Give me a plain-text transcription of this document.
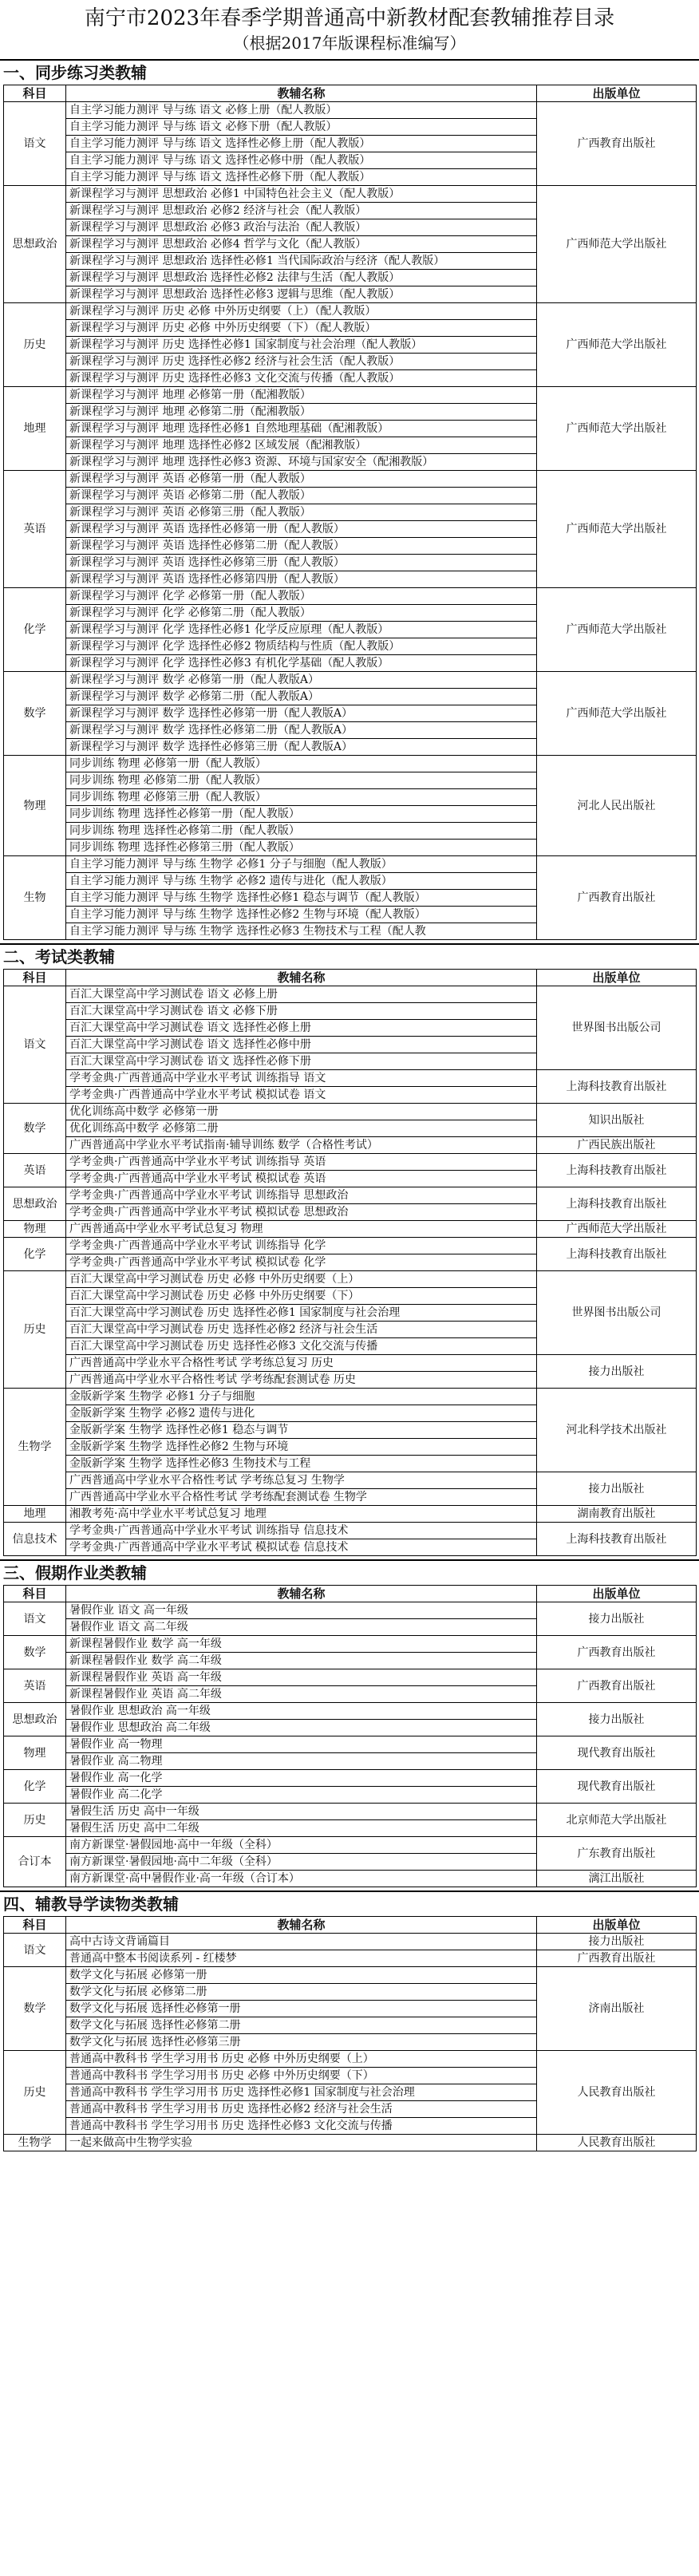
南宁市2023年春季学期普通高中新教材配套教辅推荐目录
（根据2017年版课程标准编写）
一、同步练习类教辅
科目	教辅名称	出版单位
语文	自主学习能力测评 导与练 语文 必修上册（配人教版）	广西教育出版社
	自主学习能力测评 导与练 语文 必修下册（配人教版）	
	自主学习能力测评 导与练 语文 选择性必修上册（配人教版）	
	自主学习能力测评 导与练 语文 选择性必修中册（配人教版）	
	自主学习能力测评 导与练 语文 选择性必修下册（配人教版）	
思想政治	新课程学习与测评 思想政治 必修1 中国特色社会主义（配人教版）	广西师范大学出版社
	新课程学习与测评 思想政治 必修2 经济与社会（配人教版）	
	新课程学习与测评 思想政治 必修3 政治与法治（配人教版）	
	新课程学习与测评 思想政治 必修4 哲学与文化（配人教版）	
	新课程学习与测评 思想政治 选择性必修1 当代国际政治与经济（配人教版）	
	新课程学习与测评 思想政治 选择性必修2 法律与生活（配人教版）	
	新课程学习与测评 思想政治 选择性必修3 逻辑与思维（配人教版）	
历史	新课程学习与测评 历史 必修 中外历史纲要（上）（配人教版）	广西师范大学出版社
	新课程学习与测评 历史 必修 中外历史纲要（下）（配人教版）	
	新课程学习与测评 历史 选择性必修1 国家制度与社会治理（配人教版）	
	新课程学习与测评 历史 选择性必修2 经济与社会生活（配人教版）	
	新课程学习与测评 历史 选择性必修3 文化交流与传播（配人教版）	
地理	新课程学习与测评 地理 必修第一册（配湘教版）	广西师范大学出版社
	新课程学习与测评 地理 必修第二册（配湘教版）	
	新课程学习与测评 地理 选择性必修1 自然地理基础（配湘教版）	
	新课程学习与测评 地理 选择性必修2 区域发展（配湘教版）	
	新课程学习与测评 地理 选择性必修3 资源、环境与国家安全（配湘教版）	
英语	新课程学习与测评 英语 必修第一册（配人教版）	广西师范大学出版社
	新课程学习与测评 英语 必修第二册（配人教版）	
	新课程学习与测评 英语 必修第三册（配人教版）	
	新课程学习与测评 英语 选择性必修第一册（配人教版）	
	新课程学习与测评 英语 选择性必修第二册（配人教版）	
	新课程学习与测评 英语 选择性必修第三册（配人教版）	
	新课程学习与测评 英语 选择性必修第四册（配人教版）	
化学	新课程学习与测评 化学 必修第一册（配人教版）	广西师范大学出版社
	新课程学习与测评 化学 必修第二册（配人教版）	
	新课程学习与测评 化学 选择性必修1 化学反应原理（配人教版）	
	新课程学习与测评 化学 选择性必修2 物质结构与性质（配人教版）	
	新课程学习与测评 化学 选择性必修3 有机化学基础（配人教版）	
数学	新课程学习与测评 数学 必修第一册（配人教版A）	广西师范大学出版社
	新课程学习与测评 数学 必修第二册（配人教版A）	
	新课程学习与测评 数学 选择性必修第一册（配人教版A）	
	新课程学习与测评 数学 选择性必修第二册（配人教版A）	
	新课程学习与测评 数学 选择性必修第三册（配人教版A）	
物理	同步训练 物理 必修第一册（配人教版）	河北人民出版社
	同步训练 物理 必修第二册（配人教版）	
	同步训练 物理 必修第三册（配人教版）	
	同步训练 物理 选择性必修第一册（配人教版）	
	同步训练 物理 选择性必修第二册（配人教版）	
	同步训练 物理 选择性必修第三册（配人教版）	
生物	自主学习能力测评 导与练 生物学 必修1 分子与细胞（配人教版）	广西教育出版社
	自主学习能力测评 导与练 生物学 必修2 遗传与进化（配人教版）	
	自主学习能力测评 导与练 生物学 选择性必修1 稳态与调节（配人教版）	
	自主学习能力测评 导与练 生物学 选择性必修2 生物与环境（配人教版）	
	自主学习能力测评 导与练 生物学 选择性必修3 生物技术与工程（配人教	
二、考试类教辅
科目	教辅名称	出版单位
语文	百汇大课堂高中学习测试卷 语文 必修上册	世界图书出版公司
	百汇大课堂高中学习测试卷 语文 必修下册	
	百汇大课堂高中学习测试卷 语文 选择性必修上册	
	百汇大课堂高中学习测试卷 语文 选择性必修中册	
	百汇大课堂高中学习测试卷 语文 选择性必修下册	
	学考金典·广西普通高中学业水平考试 训练指导 语文	上海科技教育出版社
	学考金典·广西普通高中学业水平考试 模拟试卷 语文	
数学	优化训练高中数学 必修第一册	知识出版社
	优化训练高中数学 必修第二册	
	广西普通高中学业水平考试指南·辅导训练 数学（合格性考试）	广西民族出版社
英语	学考金典·广西普通高中学业水平考试 训练指导 英语	上海科技教育出版社
	学考金典·广西普通高中学业水平考试 模拟试卷 英语	
思想政治	学考金典·广西普通高中学业水平考试 训练指导 思想政治	上海科技教育出版社
	学考金典·广西普通高中学业水平考试 模拟试卷 思想政治	
物理	广西普通高中学业水平考试总复习 物理	广西师范大学出版社
化学	学考金典·广西普通高中学业水平考试 训练指导 化学	上海科技教育出版社
	学考金典·广西普通高中学业水平考试 模拟试卷 化学	
历史	百汇大课堂高中学习测试卷 历史 必修 中外历史纲要（上）	世界图书出版公司
	百汇大课堂高中学习测试卷 历史 必修 中外历史纲要（下）	
	百汇大课堂高中学习测试卷 历史 选择性必修1 国家制度与社会治理	
	百汇大课堂高中学习测试卷 历史 选择性必修2 经济与社会生活	
	百汇大课堂高中学习测试卷 历史 选择性必修3 文化交流与传播	
	广西普通高中学业水平合格性考试 学考练总复习 历史	接力出版社
	广西普通高中学业水平合格性考试 学考练配套测试卷 历史	
生物学	金版新学案 生物学 必修1 分子与细胞	河北科学技术出版社
	金版新学案 生物学 必修2 遗传与进化	
	金版新学案 生物学 选择性必修1 稳态与调节	
	金版新学案 生物学 选择性必修2 生物与环境	
	金版新学案 生物学 选择性必修3 生物技术与工程	
	广西普通高中学业水平合格性考试 学考练总复习 生物学	接力出版社
	广西普通高中学业水平合格性考试 学考练配套测试卷 生物学	
地理	湘教考苑·高中学业水平考试总复习 地理	湖南教育出版社
信息技术	学考金典·广西普通高中学业水平考试 训练指导 信息技术	上海科技教育出版社
	学考金典·广西普通高中学业水平考试 模拟试卷 信息技术	
三、假期作业类教辅
科目	教辅名称	出版单位
语文	暑假作业 语文 高一年级	接力出版社
	暑假作业 语文 高二年级	
数学	新课程暑假作业 数学 高一年级	广西教育出版社
	新课程暑假作业 数学 高二年级	
英语	新课程暑假作业 英语 高一年级	广西教育出版社
	新课程暑假作业 英语 高二年级	
思想政治	暑假作业 思想政治 高一年级	接力出版社
	暑假作业 思想政治 高二年级	
物理	暑假作业 高一物理	现代教育出版社
	暑假作业 高二物理	
化学	暑假作业 高一化学	现代教育出版社
	暑假作业 高二化学	
历史	暑假生活 历史 高中一年级	北京师范大学出版社
	暑假生活 历史 高中二年级	
合订本	南方新课堂·暑假园地·高中一年级（全科）	广东教育出版社
	南方新课堂·暑假园地·高中二年级（全科）	
	南方新课堂·高中暑假作业·高一年级（合订本）	漓江出版社
四、辅教导学读物类教辅
科目	教辅名称	出版单位
语文	高中古诗文背诵篇目	接力出版社
	普通高中整本书阅读系列 - 红楼梦	广西教育出版社
数学	数学文化与拓展 必修第一册	济南出版社
	数学文化与拓展 必修第二册	
	数学文化与拓展 选择性必修第一册	
	数学文化与拓展 选择性必修第二册	
	数学文化与拓展 选择性必修第三册	
历史	普通高中教科书 学生学习用书 历史 必修 中外历史纲要（上）	人民教育出版社
	普通高中教科书 学生学习用书 历史 必修 中外历史纲要（下）	
	普通高中教科书 学生学习用书 历史 选择性必修1 国家制度与社会治理	
	普通高中教科书 学生学习用书 历史 选择性必修2 经济与社会生活	
	普通高中教科书 学生学习用书 历史 选择性必修3 文化交流与传播	
生物学	一起来做高中生物学实验	人民教育出版社
